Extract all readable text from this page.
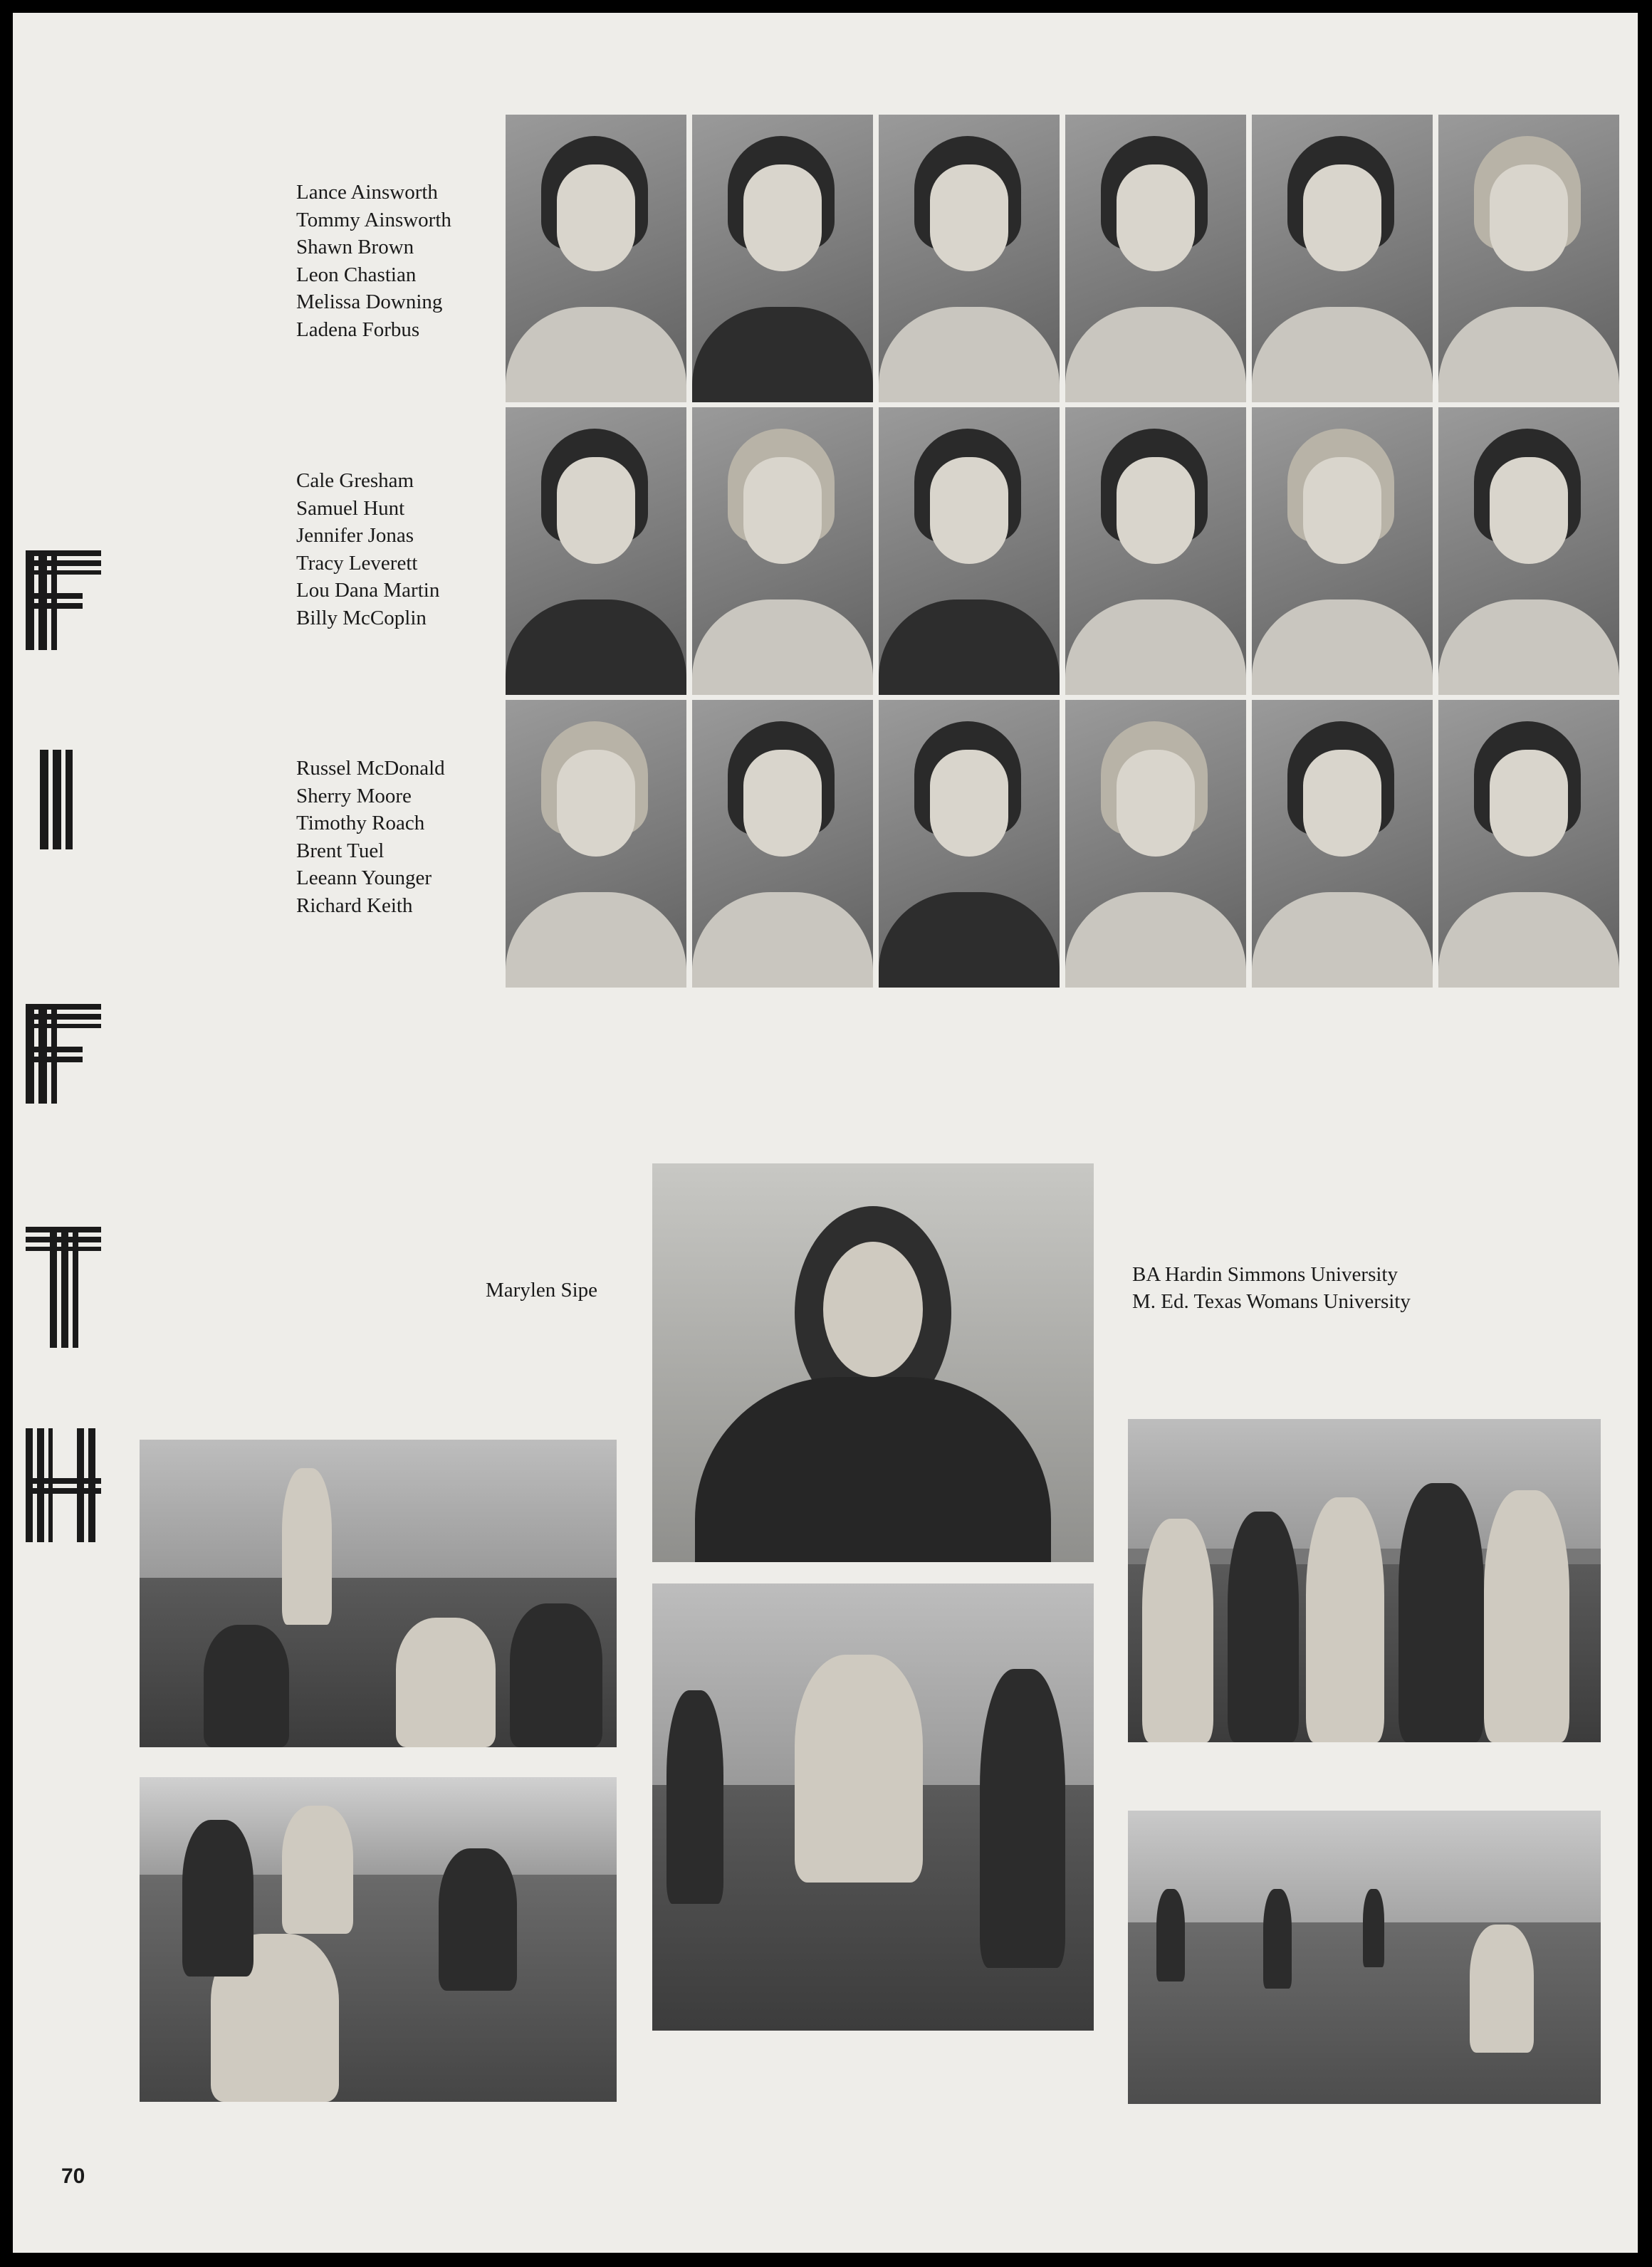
Lance Ainsworth
Tommy Ainsworth
Shawn Brown
Leon Chastian
Melissa Downing
Ladena Forbus
Cale Gresham
Samuel Hunt
Jennifer Jonas
Tracy Leverett
Lou Dana Martin
Billy McCoplin
Russel McDonald
Sherry Moore
Timothy Roach
Brent Tuel
Leeann Younger
Richard Keith
Marylen Sipe
BA Hardin Simmons University
M. Ed. Texas Womans University
70
